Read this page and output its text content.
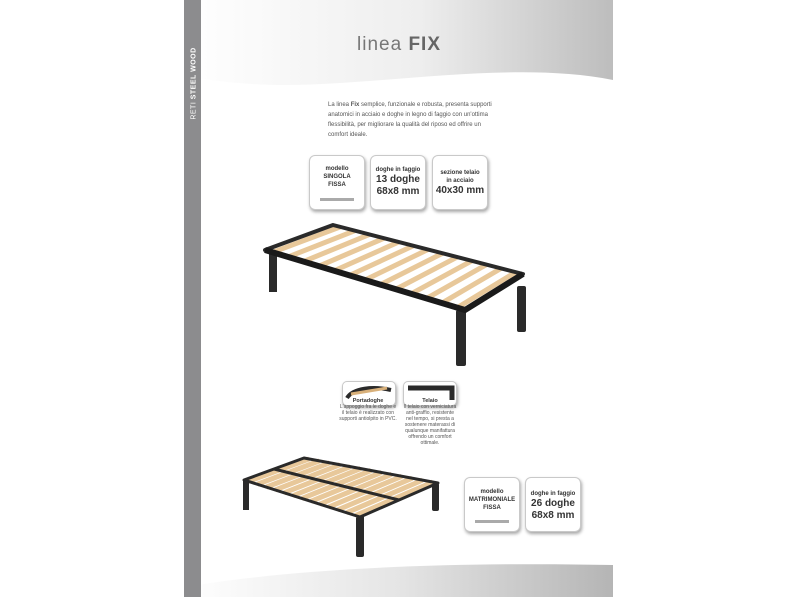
RETI STEEL WOOD
linea FIX
La linea Fix semplice, funzionale e robusta, presenta supporti anatomici in acciaio e doghe in legno di faggio con un'ottima flessibilità, per migliorare la qualità del riposo ed offrire un comfort ideale.
modello
SINGOLA
FISSA
doghe in faggio
13 doghe
68x8 mm
sezione telaio
in acciaio
40x30 mm
Portadoghe
L'appoggio fra le doghe e il telaio è realizzato con supporti antiolpito in PVC.
Telaio
Il telaio con verniciatura anti-graffio, resistente nel tempo, si presta a sostenere materassi di qualunque manifattura offrendo un comfort ottimale.
modello
MATRIMONIALE
FISSA
doghe in faggio
26 doghe
68x8 mm
